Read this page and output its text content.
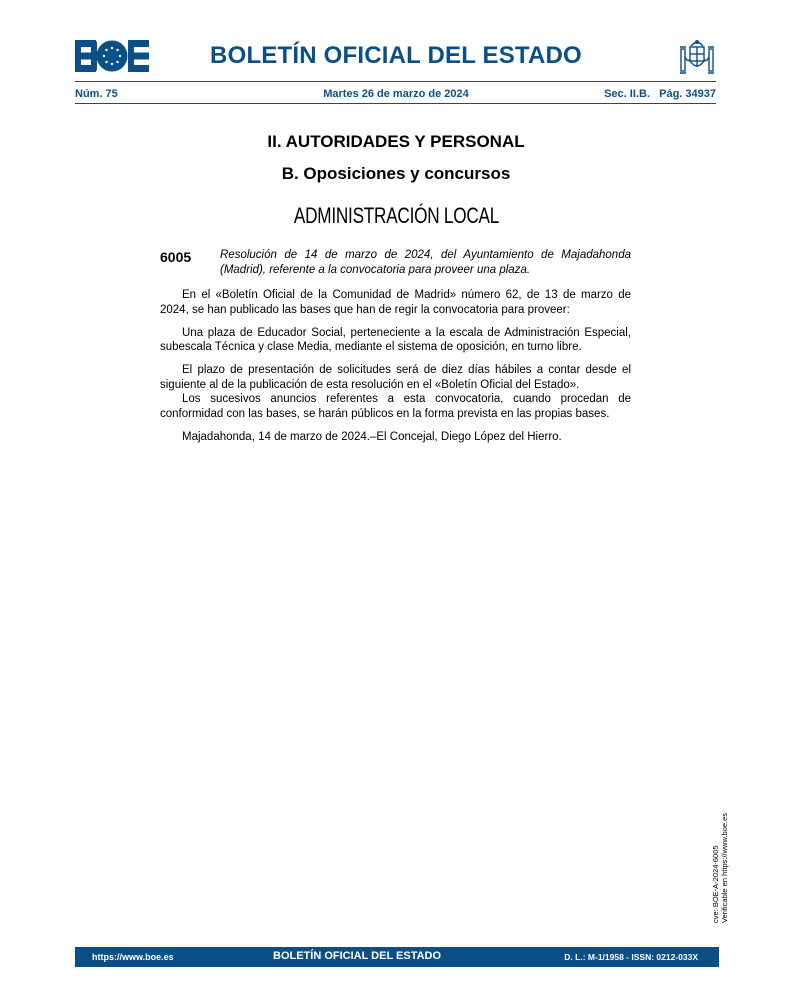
BOLETÍN OFICIAL DEL ESTADO
Núm. 75	Martes 26 de marzo de 2024	Sec. II.B.   Pág. 34937
II. AUTORIDADES Y PERSONAL
B. Oposiciones y concursos
ADMINISTRACIÓN LOCAL
6005	Resolución de 14 de marzo de 2024, del Ayuntamiento de Majadahonda (Madrid), referente a la convocatoria para proveer una plaza.

En el «Boletín Oficial de la Comunidad de Madrid» número 62, de 13 de marzo de 2024, se han publicado las bases que han de regir la convocatoria para proveer:

Una plaza de Educador Social, perteneciente a la escala de Administración Especial, subescala Técnica y clase Media, mediante el sistema de oposición, en turno libre.

El plazo de presentación de solicitudes será de diez días hábiles a contar desde el siguiente al de la publicación de esta resolución en el «Boletín Oficial del Estado».

Los sucesivos anuncios referentes a esta convocatoria, cuando procedan de conformidad con las bases, se harán públicos en la forma prevista en las propias bases.

Majadahonda, 14 de marzo de 2024.–El Concejal, Diego López del Hierro.

cve: BOE-A-2024-6005 Verificable en https://www.boe.es
https://www.boe.es	BOLETÍN OFICIAL DEL ESTADO	D. L.: M-1/1958 - ISSN: 0212-033X
